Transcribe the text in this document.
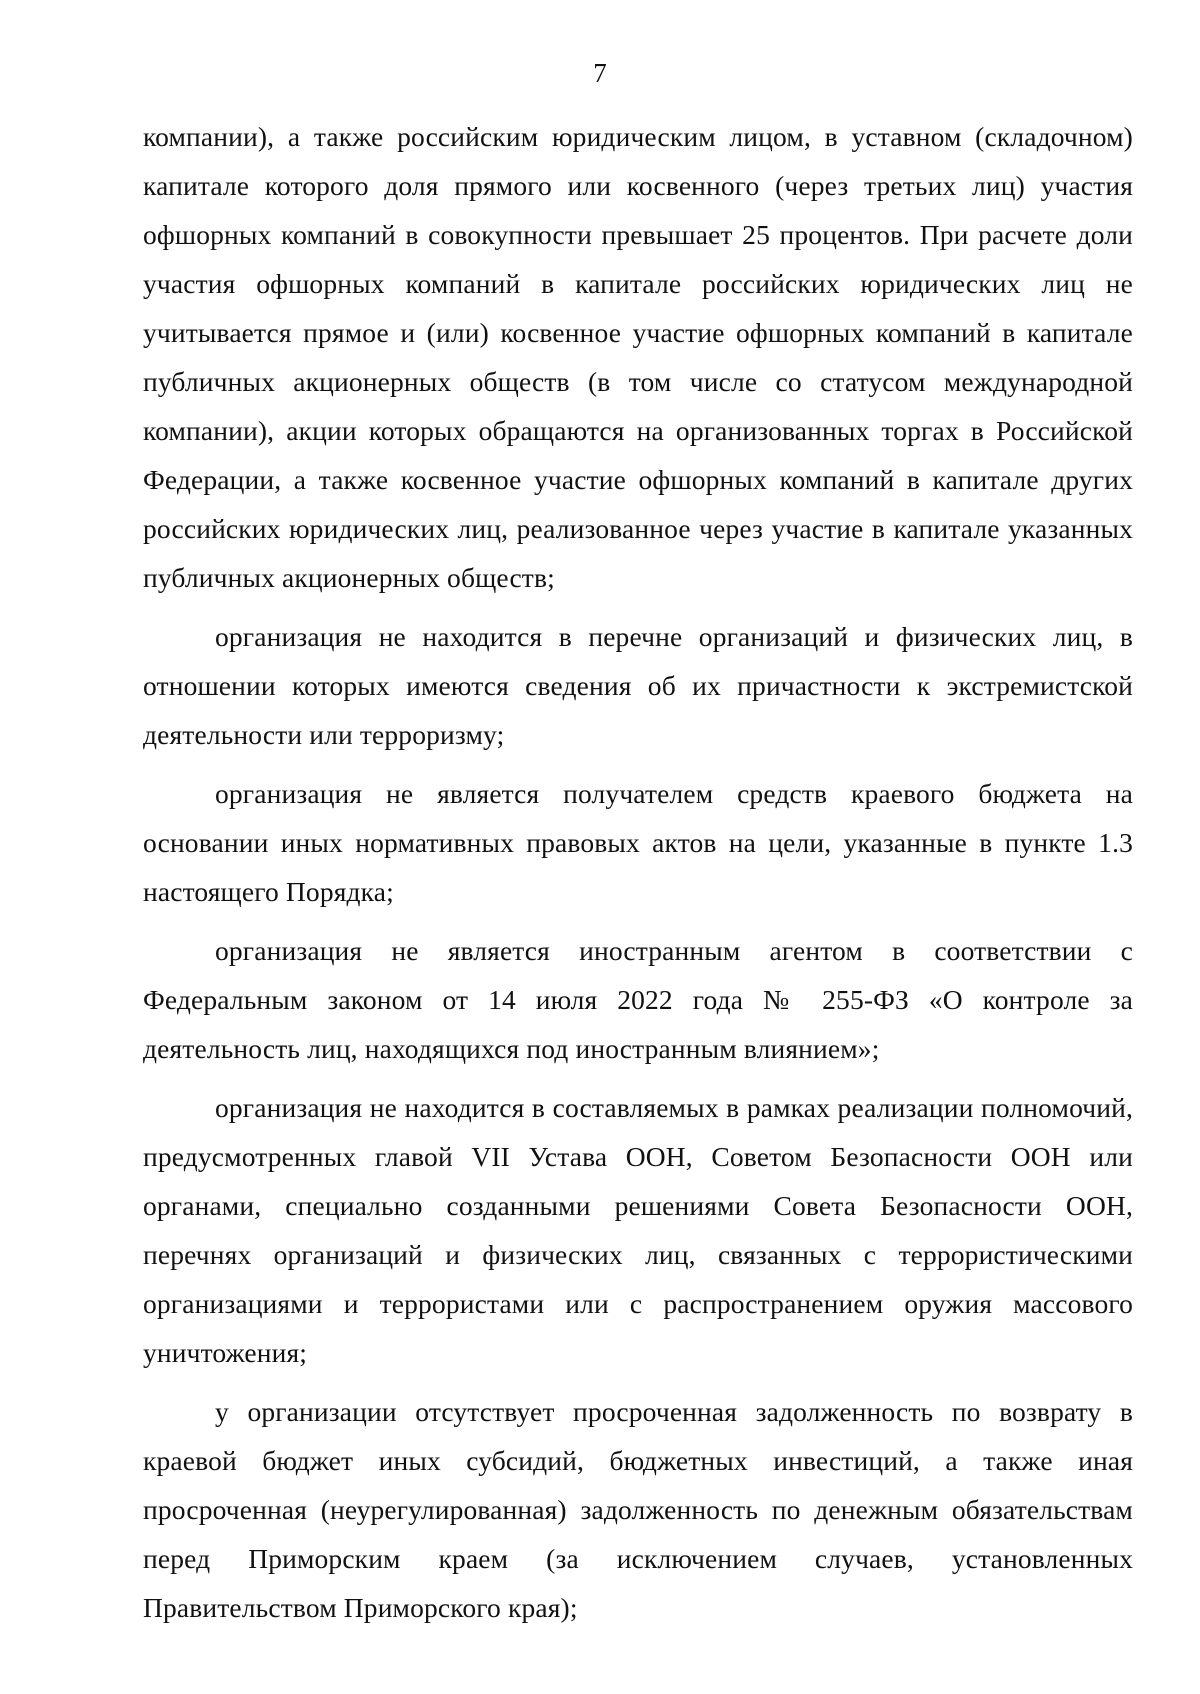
7

компании), а также российским юридическим лицом, в уставном (складочном) капитале которого доля прямого или косвенного (через третьих лиц) участия офшорных компаний в совокупности превышает 25 процентов. При расчете доли участия офшорных компаний в капитале российских юридических лиц не учитывается прямое и (или) косвенное участие офшорных компаний в капитале публичных акционерных обществ (в том числе со статусом международной компании), акции которых обращаются на организованных торгах в Российской Федерации, а также косвенное участие офшорных компаний в капитале других российских юридических лиц, реализованное через участие в капитале указанных публичных акционерных обществ;

организация не находится в перечне организаций и физических лиц, в отношении которых имеются сведения об их причастности к экстремистской деятельности или терроризму;

организация не является получателем средств краевого бюджета на основании иных нормативных правовых актов на цели, указанные в пункте 1.3 настоящего Порядка;

организация не является иностранным агентом в соответствии с Федеральным законом от 14 июля 2022 года № 255-ФЗ «О контроле за деятельность лиц, находящихся под иностранным влиянием»;

организация не находится в составляемых в рамках реализации полномочий, предусмотренных главой VII Устава ООН, Советом Безопасности ООН или органами, специально созданными решениями Совета Безопасности ООН, перечнях организаций и физических лиц, связанных с террористическими организациями и террористами или с распространением оружия массового уничтожения;

у организации отсутствует просроченная задолженность по возврату в краевой бюджет иных субсидий, бюджетных инвестиций, а также иная просроченная (неурегулированная) задолженность по денежным обязательствам перед Приморским краем (за исключением случаев, установленных Правительством Приморского края);
